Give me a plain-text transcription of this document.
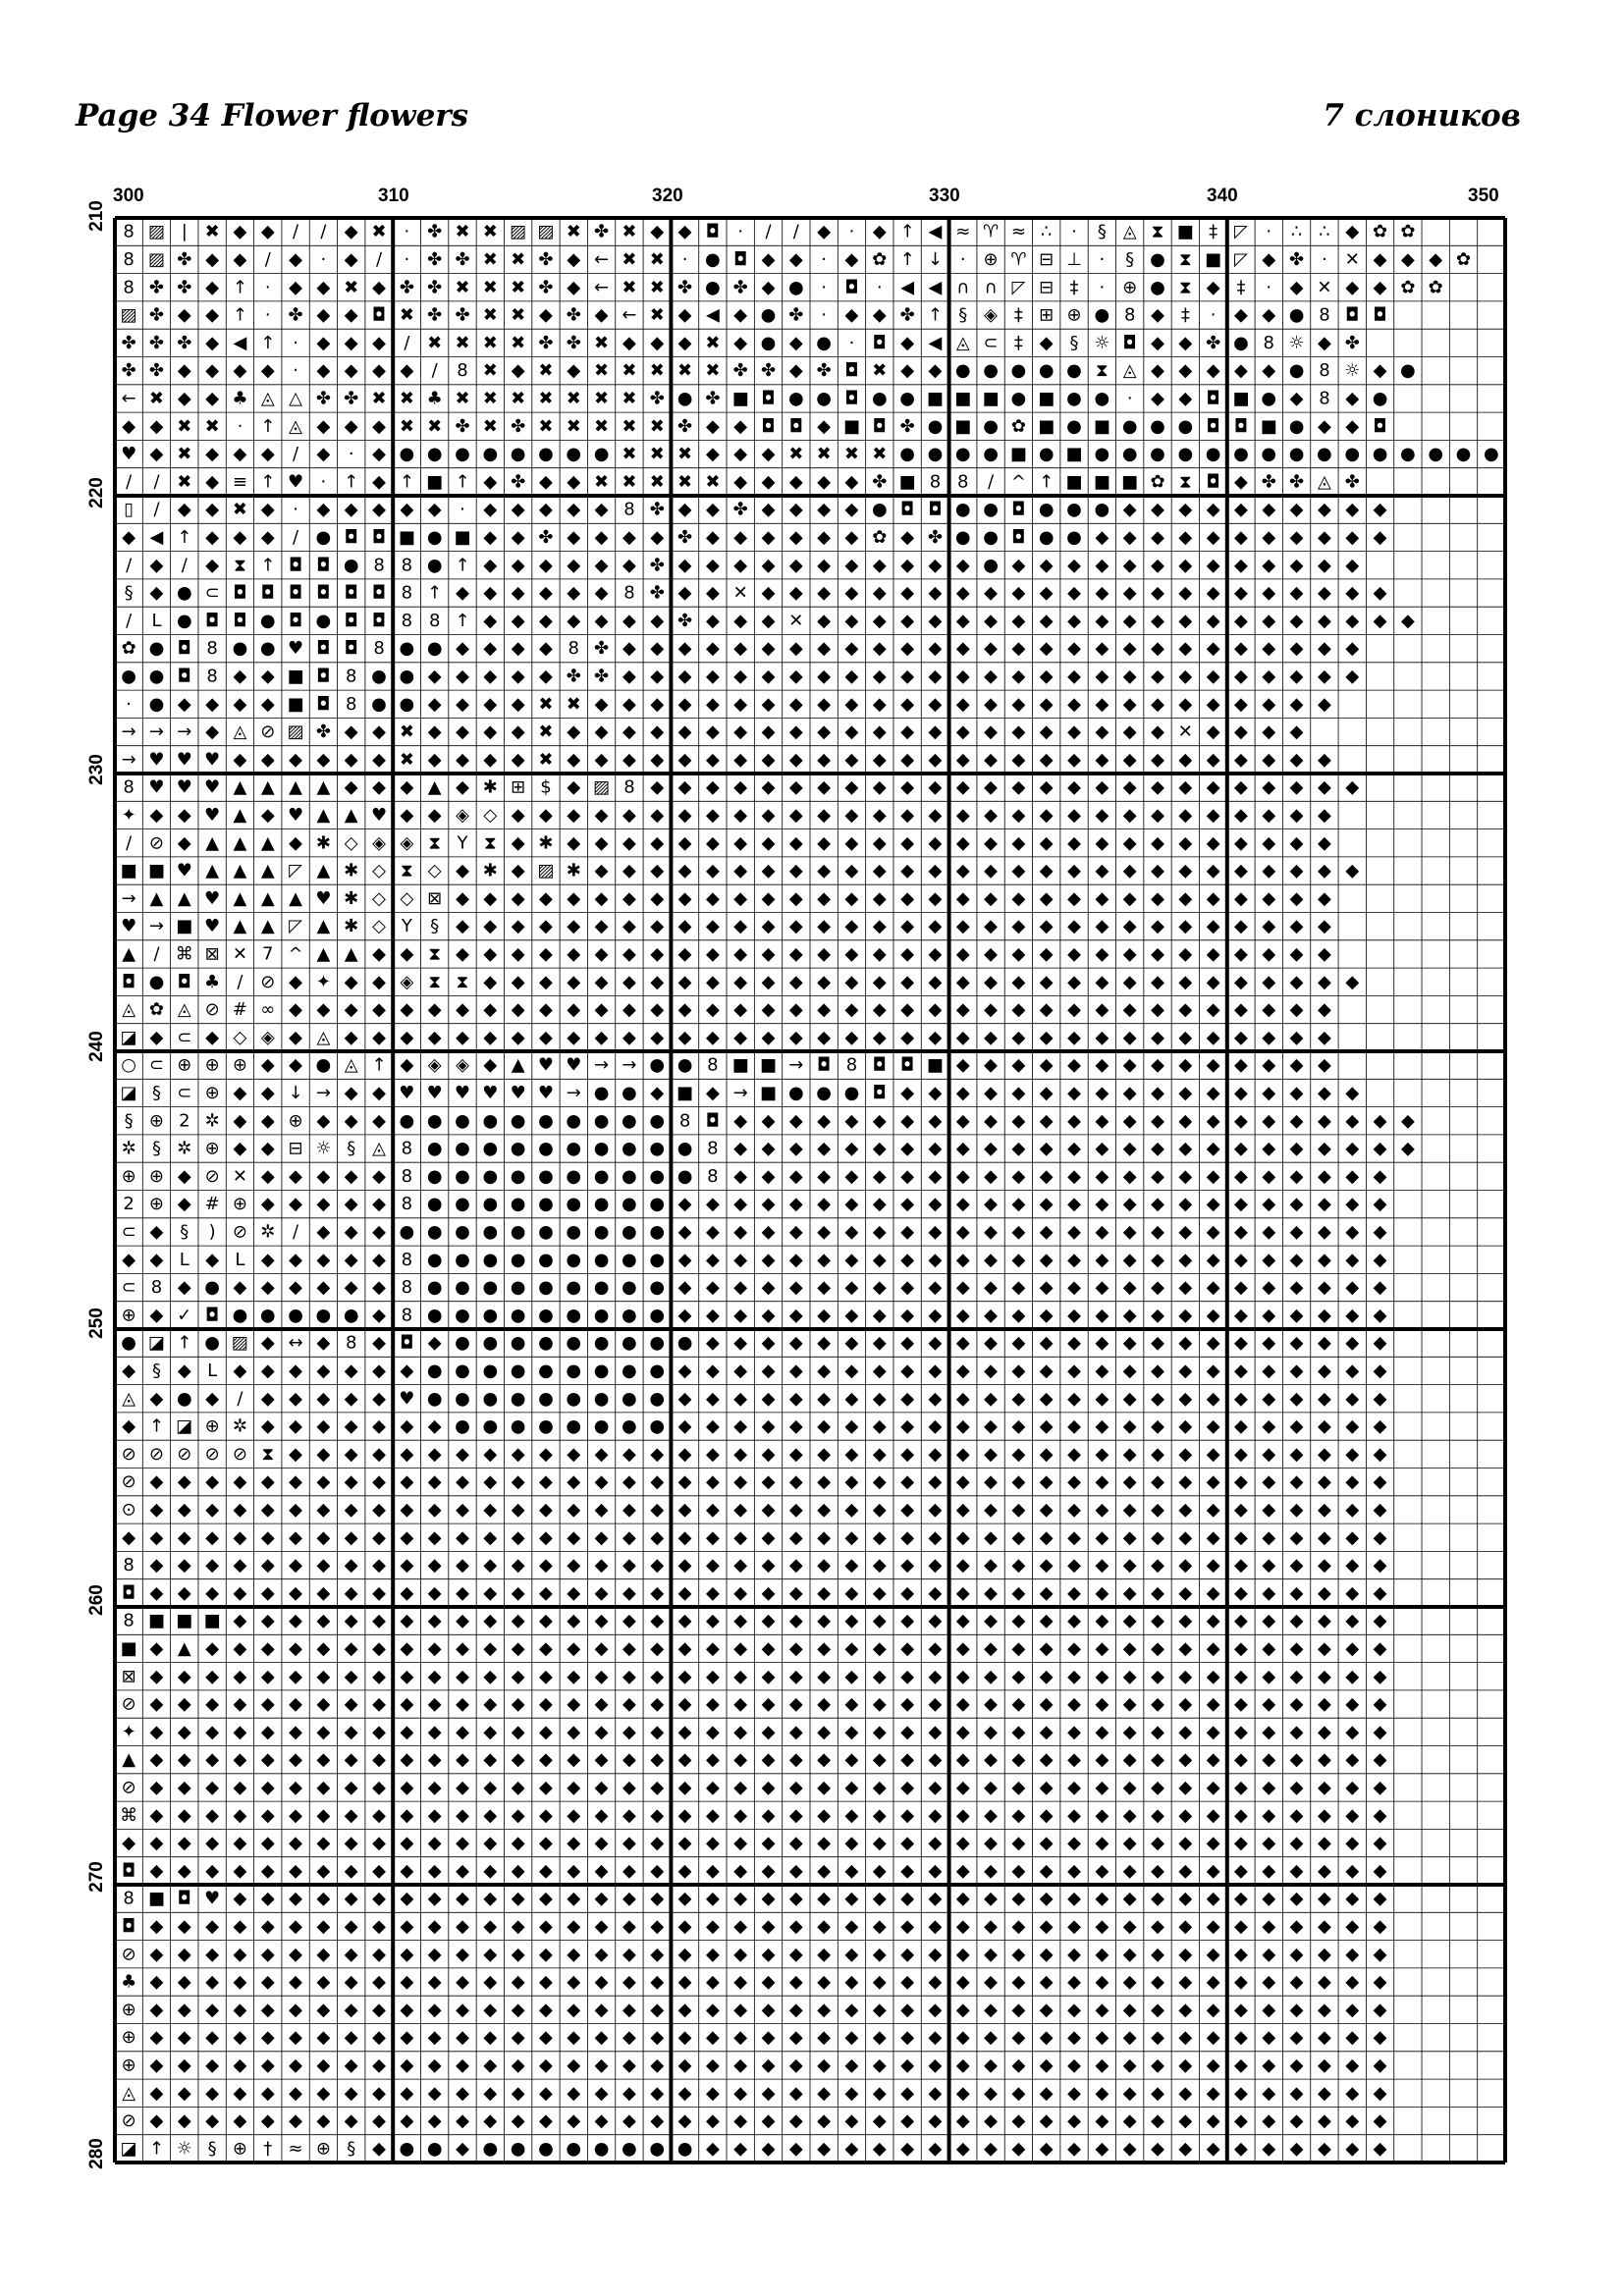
Page 34 Flower flowers	7 слоников
300	310	320	330	340	350
210
220
230
240
250
260
270
280
8 ▨ | ✖ ◆ ◆ / / ◆ ✖ · ✤ ✖ ✖ ▨ ▨ ✖ ✤ ✖ ◆ ◆ ◘ · / / ◆ · ◆ ↑ ◀ ≈ ♈ ≈ ∴ · § ◬ ⧗ ■ ‡ ◸ · ∴ ∴ ◆ ✿ ✿
8 ▨ ✤ ◆ ◆ / ◆ · ◆ / · ✤ ✤ ✖ ✖ ✤ ◆ ← ✖ ✖ · ● ◘ ◆ ◆ · ◆ ✿ ↑ ↓ · ⊕ ♈ ⊟ ⊥ · § ● ⧗ ■ ◸ ◆ ✤ · ✕ ◆ ◆ ◆ ✿
8 ✤ ✤ ◆ ↑ · ◆ ◆ ✖ ◆ ✤ ✤ ✖ ✖ ✖ ✤ ◆ ← ✖ ✖ ✤ ● ✤ ◆ ● · ◘ · ◀ ◀ ∩ ∩ ◸ ⊟ ‡ · ⊕ ● ⧗ ◆ ‡ · ◆ ✕ ◆ ◆ ✿ ✿
▨ ✤ ◆ ◆ ↑ · ✤ ◆ ◆ ◘ ✖ ✤ ✤ ✖ ✖ ◆ ✤ ◆ ← ✖ ◆ ◀ ◆ ● ✤ · ◆ ◆ ✤ ↑ § ◈ ‡ ⊞ ⊕ ● 8 ◆ ‡ · ◆ ◆ ● 8 ◘ ◘
✤ ✤ ✤ ◆ ◀ ↑ · ◆ ◆ ◆ / ✖ ✖ ✖ ✖ ✤ ✤ ✖ ◆ ◆ ◆ ✖ ◆ ● ◆ ● · ◘ ◆ ◀ ◬ ⊂ ‡ ◆ § ☼ ◘ ◆ ◆ ✤ ● 8 ☼ ◆ ✤
✤ ✤ ◆ ◆ ◆ ◆ · ◆ ◆ ◆ ◆ / 8 ✖ ◆ ✖ ◆ ✖ ✖ ✖ ✖ ✖ ✤ ✤ ◆ ✤ ◘ ✖ ◆ ◆ ● ● ● ● ● ⧗ ◬ ◆ ◆ ◆ ◆ ◆ ● 8 ☼ ◆ ●
← ✖ ◆ ◆ ♣ ◬ △ ✤ ✤ ✖ ✖ ♣ ✖ ✖ ✖ ✖ ✖ ✖ ✖ ✤ ● ✤ ■ ◘ ● ● ◘ ● ● ■ ■ ■ ● ■ ● ● · ◆ ◆ ◘ ■ ● ◆ 8 ◆ ●
◆ ◆ ✖ ✖ · ↑ ◬ ◆ ◆ ◆ ✖ ✖ ✤ ✖ ✤ ✖ ✖ ✖ ✖ ✖ ✤ ◆ ◆ ◘ ◘ ◆ ■ ◘ ✤ ● ■ ● ✿ ■ ● ■ ● ● ● ◘ ◘ ■ ● ◆ ◆ ◘
♥ ◆ ✖ ◆ ◆ ◆ / ◆ · ◆ ● ● ● ● ● ● ● ● ✖ ✖ ✖ ◆ ◆ ◆ ✖ ✖ ✖ ✖ ● ● ● ● ■ ● ■ ● ● ● ● ● ● ● ● ● ● ● ● ● ● ●
/ / ✖ ◆ ≡ ↑ ♥ · ↑ ◆ ↑ ■ ↑ ◆ ✤ ◆ ◆ ✖ ✖ ✖ ✖ ✖ ◆ ◆ ◆ ◆ ◆ ✤ ■ 8 8 / ^ ↑ ■ ■ ■ ✿ ⧗ ◘ ◆ ✤ ✤ ◬ ✤
▯ / ◆ ◆ ✖ ◆ · ◆ ◆ ◆ ◆ ◆ · ◆ ◆ ◆ ◆ ◆ 8 ✤ ◆ ◆ ✤ ◆ ◆ ◆ ◆ ● ◘ ◘ ● ● ◘ ● ● ● ◆ ◆ ◆ ◆ ◆ ◆ ◆ ◆ ◆ ◆
◆ ◀ ↑ ◆ ◆ ◆ / ● ◘ ◘ ■ ● ■ ◆ ◆ ✤ ◆ ◆ ◆ ◆ ✤ ◆ ◆ ◆ ◆ ◆ ◆ ✿ ◆ ✤ ● ● ◘ ● ● ◆ ◆ ◆ ◆ ◆ ◆ ◆ ◆ ◆ ◆ ◆
/ ◆ / ◆ ⧗ ↑ ◘ ◘ ● 8 8 ● ↑ ◆ ◆ ◆ ◆ ◆ ◆ ✤ ◆ ◆ ◆ ◆ ◆ ◆ ◆ ◆ ◆ ◆ ◆ ● ◆ ◆ ◆ ◆ ◆ ◆ ◆ ◆ ◆ ◆ ◆ ◆ ◆
§ ◆ ● ⊂ ◘ ◘ ◘ ◘ ◘ ◘ 8 ↑ ◆ ◆ ◆ ◆ ◆ ◆ 8 ✤ ◆ ◆ ✕ ◆ ◆ ◆ ◆ ◆ ◆ ◆ ◆ ◆ ◆ ◆ ◆ ◆ ◆ ◆ ◆ ◆ ◆ ◆ ◆ ◆ ◆ ◆
/ L ● ◘ ◘ ● ◘ ● ◘ ◘ 8 8 ↑ ◆ ◆ ◆ ◆ ◆ ◆ ◆ ✤ ◆ ◆ ◆ ✕ ◆ ◆ ◆ ◆ ◆ ◆ ◆ ◆ ◆ ◆ ◆ ◆ ◆ ◆ ◆ ◆ ◆ ◆ ◆ ◆ ◆ ◆
✿ ● ◘ 8 ● ● ♥ ◘ ◘ 8 ● ● ◆ ◆ ◆ ◆ 8 ✤ ◆ ◆ ◆ ◆ ◆ ◆ ◆ ◆ ◆ ◆ ◆ ◆ ◆ ◆ ◆ ◆ ◆ ◆ ◆ ◆ ◆ ◆ ◆ ◆ ◆ ◆ ◆
● ● ◘ 8 ◆ ◆ ■ ◘ 8 ● ● ◆ ◆ ◆ ◆ ◆ ✤ ✤ ◆ ◆ ◆ ◆ ◆ ◆ ◆ ◆ ◆ ◆ ◆ ◆ ◆ ◆ ◆ ◆ ◆ ◆ ◆ ◆ ◆ ◆ ◆ ◆ ◆ ◆ ◆
· ● ◆ ◆ ◆ ◆ ■ ◘ 8 ● ● ◆ ◆ ◆ ◆ ✖ ✖ ◆ ◆ ◆ ◆ ◆ ◆ ◆ ◆ ◆ ◆ ◆ ◆ ◆ ◆ ◆ ◆ ◆ ◆ ◆ ◆ ◆ ◆ ◆ ◆ ◆ ◆ ◆
→ → → ◆ ◬ ⊘ ▨ ✤ ◆ ◆ ✖ ◆ ◆ ◆ ◆ ✖ ◆ ◆ ◆ ◆ ◆ ◆ ◆ ◆ ◆ ◆ ◆ ◆ ◆ ◆ ◆ ◆ ◆ ◆ ◆ ◆ ◆ ◆ ✕ ◆ ◆ ◆ ◆
→ ♥ ♥ ♥ ◆ ◆ ◆ ◆ ◆ ◆ ✖ ◆ ◆ ◆ ◆ ✖ ◆ ◆ ◆ ◆ ◆ ◆ ◆ ◆ ◆ ◆ ◆ ◆ ◆ ◆ ◆ ◆ ◆ ◆ ◆ ◆ ◆ ◆ ◆ ◆ ◆ ◆ ◆ ◆
8 ♥ ♥ ♥ ▲ ▲ ▲ ▲ ◆ ◆ ◆ ▲ ◆ ✱ ⊞ $ ◆ ▨ 8 ◆ ◆ ◆ ◆ ◆ ◆ ◆ ◆ ◆ ◆ ◆ ◆ ◆ ◆ ◆ ◆ ◆ ◆ ◆ ◆ ◆ ◆ ◆ ◆ ◆ ◆
✦ ◆ ◆ ♥ ▲ ◆ ♥ ▲ ▲ ♥ ◆ ◆ ◈ ◇ ◆ ◆ ◆ ◆ ◆ ◆ ◆ ◆ ◆ ◆ ◆ ◆ ◆ ◆ ◆ ◆ ◆ ◆ ◆ ◆ ◆ ◆ ◆ ◆ ◆ ◆ ◆ ◆ ◆ ◆
/ ⊘ ◆ ▲ ▲ ▲ ◆ ✱ ◇ ◈ ◈ ⧗ Y ⧗ ◆ ✱ ◆ ◆ ◆ ◆ ◆ ◆ ◆ ◆ ◆ ◆ ◆ ◆ ◆ ◆ ◆ ◆ ◆ ◆ ◆ ◆ ◆ ◆ ◆ ◆ ◆ ◆ ◆ ◆
■ ■ ♥ ▲ ▲ ▲ ◸ ▲ ✱ ◇ ⧗ ◇ ◆ ✱ ◆ ▨ ✱ ◆ ◆ ◆ ◆ ◆ ◆ ◆ ◆ ◆ ◆ ◆ ◆ ◆ ◆ ◆ ◆ ◆ ◆ ◆ ◆ ◆ ◆ ◆ ◆ ◆ ◆ ◆ ◆
→ ▲ ▲ ♥ ▲ ▲ ▲ ♥ ✱ ◇ ◇ ⊠ ◆ ◆ ◆ ◆ ◆ ◆ ◆ ◆ ◆ ◆ ◆ ◆ ◆ ◆ ◆ ◆ ◆ ◆ ◆ ◆ ◆ ◆ ◆ ◆ ◆ ◆ ◆ ◆ ◆ ◆ ◆ ◆
♥ → ■ ♥ ▲ ▲ ◸ ▲ ✱ ◇ Y § ◆ ◆ ◆ ◆ ◆ ◆ ◆ ◆ ◆ ◆ ◆ ◆ ◆ ◆ ◆ ◆ ◆ ◆ ◆ ◆ ◆ ◆ ◆ ◆ ◆ ◆ ◆ ◆ ◆ ◆ ◆ ◆
▲ / ⌘ ⊠ ✕ 7 ^ ▲ ▲ ◆ ◆ ⧗ ◆ ◆ ◆ ◆ ◆ ◆ ◆ ◆ ◆ ◆ ◆ ◆ ◆ ◆ ◆ ◆ ◆ ◆ ◆ ◆ ◆ ◆ ◆ ◆ ◆ ◆ ◆ ◆ ◆ ◆ ◆ ◆
◘ ● ◘ ♣ / ⊘ ◆ ✦ ◆ ◆ ◈ ⧗ ⧗ ◆ ◆ ◆ ◆ ◆ ◆ ◆ ◆ ◆ ◆ ◆ ◆ ◆ ◆ ◆ ◆ ◆ ◆ ◆ ◆ ◆ ◆ ◆ ◆ ◆ ◆ ◆ ◆ ◆ ◆ ◆ ◆
◬ ✿ ◬ ⊘ # ∞ ◆ ◆ ◆ ◆ ◆ ◆ ◆ ◆ ◆ ◆ ◆ ◆ ◆ ◆ ◆ ◆ ◆ ◆ ◆ ◆ ◆ ◆ ◆ ◆ ◆ ◆ ◆ ◆ ◆ ◆ ◆ ◆ ◆ ◆ ◆ ◆ ◆ ◆
◪ ◆ ⊂ ◆ ◇ ◈ ◆ ◬ ◆ ◆ ◆ ◆ ◆ ◆ ◆ ◆ ◆ ◆ ◆ ◆ ◆ ◆ ◆ ◆ ◆ ◆ ◆ ◆ ◆ ◆ ◆ ◆ ◆ ◆ ◆ ◆ ◆ ◆ ◆ ◆ ◆ ◆ ◆ ◆
○ ⊂ ⊕ ⊕ ⊕ ◆ ◆ ● ◬ ↑ ◆ ◈ ◈ ◆ ▲ ♥ ♥ → → ● ● 8 ■ ■ → ◘ 8 ◘ ◘ ■ ◆ ◆ ◆ ◆ ◆ ◆ ◆ ◆ ◆ ◆ ◆ ◆ ◆ ◆
◪ § ⊂ ⊕ ◆ ◆ ↓ → ◆ ◆ ♥ ♥ ♥ ♥ ♥ ♥ → ● ● ◆ ■ ◆ → ■ ● ● ● ◘ ◆ ◆ ◆ ◆ ◆ ◆ ◆ ◆ ◆ ◆ ◆ ◆ ◆ ◆ ◆ ◆ ◆
§ ⊕ 2 ✲ ◆ ◆ ⊕ ◆ ◆ ◆ ● ● ● ● ● ● ● ● ● ● 8 ◘ ◆ ◆ ◆ ◆ ◆ ◆ ◆ ◆ ◆ ◆ ◆ ◆ ◆ ◆ ◆ ◆ ◆ ◆ ◆ ◆ ◆ ◆ ◆ ◆ ◆
✲ § ✲ ⊕ ◆ ◆ ⊟ ☼ § ◬ 8 ● ● ● ● ● ● ● ● ● ● 8 ◆ ◆ ◆ ◆ ◆ ◆ ◆ ◆ ◆ ◆ ◆ ◆ ◆ ◆ ◆ ◆ ◆ ◆ ◆ ◆ ◆ ◆ ◆ ◆ ◆
⊕ ⊕ ◆ ⊘ ✕ ◆ ◆ ◆ ◆ ◆ 8 ● ● ● ● ● ● ● ● ● ● 8 ◆ ◆ ◆ ◆ ◆ ◆ ◆ ◆ ◆ ◆ ◆ ◆ ◆ ◆ ◆ ◆ ◆ ◆ ◆ ◆ ◆ ◆ ◆ ◆
2 ⊕ ◆ # ⊕ ◆ ◆ ◆ ◆ ◆ 8 ● ● ● ● ● ● ● ● ● ◆ ◆ ◆ ◆ ◆ ◆ ◆ ◆ ◆ ◆ ◆ ◆ ◆ ◆ ◆ ◆ ◆ ◆ ◆ ◆ ◆ ◆ ◆ ◆ ◆ ◆
⊂ ◆ § ) ⊘ ✲ / ◆ ◆ ◆ ● ● ● ● ● ● ● ● ● ● ◆ ◆ ◆ ◆ ◆ ◆ ◆ ◆ ◆ ◆ ◆ ◆ ◆ ◆ ◆ ◆ ◆ ◆ ◆ ◆ ◆ ◆ ◆ ◆ ◆ ◆
◆ ◆ L ◆ L ◆ ◆ ◆ ◆ ◆ 8 ● ● ● ● ● ● ● ● ● ◆ ◆ ◆ ◆ ◆ ◆ ◆ ◆ ◆ ◆ ◆ ◆ ◆ ◆ ◆ ◆ ◆ ◆ ◆ ◆ ◆ ◆ ◆ ◆ ◆ ◆
⊂ 8 ◆ ● ◆ ◆ ◆ ◆ ◆ ◆ 8 ● ● ● ● ● ● ● ● ● ◆ ◆ ◆ ◆ ◆ ◆ ◆ ◆ ◆ ◆ ◆ ◆ ◆ ◆ ◆ ◆ ◆ ◆ ◆ ◆ ◆ ◆ ◆ ◆ ◆ ◆
⊕ ◆ ✓ ◘ ● ● ● ● ● ◆ 8 ● ● ● ● ● ● ● ● ● ◆ ◆ ◆ ◆ ◆ ◆ ◆ ◆ ◆ ◆ ◆ ◆ ◆ ◆ ◆ ◆ ◆ ◆ ◆ ◆ ◆ ◆ ◆ ◆ ◆ ◆
● ◪ ↑ ● ▨ ◆ ↔ ◆ 8 ◆ ◘ ◆ ● ● ● ● ● ● ● ● ● ◆ ◆ ◆ ◆ ◆ ◆ ◆ ◆ ◆ ◆ ◆ ◆ ◆ ◆ ◆ ◆ ◆ ◆ ◆ ◆ ◆ ◆ ◆ ◆ ◆
◆ § ◆ L ◆ ◆ ◆ ◆ ◆ ◆ ◆ ● ● ● ● ● ● ● ● ● ◆ ◆ ◆ ◆ ◆ ◆ ◆ ◆ ◆ ◆ ◆ ◆ ◆ ◆ ◆ ◆ ◆ ◆ ◆ ◆ ◆ ◆ ◆ ◆ ◆ ◆
◬ ◆ ● ◆ / ◆ ◆ ◆ ◆ ◆ ♥ ● ● ● ● ● ● ● ● ● ◆ ◆ ◆ ◆ ◆ ◆ ◆ ◆ ◆ ◆ ◆ ◆ ◆ ◆ ◆ ◆ ◆ ◆ ◆ ◆ ◆ ◆ ◆ ◆ ◆ ◆
◆ ↑ ◪ ⊕ ✲ ◆ ◆ ◆ ◆ ◆ ◆ ◆ ● ● ● ● ● ● ● ● ◆ ◆ ◆ ◆ ◆ ◆ ◆ ◆ ◆ ◆ ◆ ◆ ◆ ◆ ◆ ◆ ◆ ◆ ◆ ◆ ◆ ◆ ◆ ◆ ◆ ◆
⊘ ⊘ ⊘ ⊘ ⊘ ⧗ ◆ ◆ ◆ ◆ ◆ ◆ ◆ ◆ ◆ ◆ ◆ ◆ ◆ ◆ ◆ ◆ ◆ ◆ ◆ ◆ ◆ ◆ ◆ ◆ ◆ ◆ ◆ ◆ ◆ ◆ ◆ ◆ ◆ ◆ ◆ ◆ ◆ ◆ ◆ ◆
⊘ ◆ ◆ ◆ ◆ ◆ ◆ ◆ ◆ ◆ ◆ ◆ ◆ ◆ ◆ ◆ ◆ ◆ ◆ ◆ ◆ ◆ ◆ ◆ ◆ ◆ ◆ ◆ ◆ ◆ ◆ ◆ ◆ ◆ ◆ ◆ ◆ ◆ ◆ ◆ ◆ ◆ ◆ ◆ ◆ ◆
⊙ ◆ ◆ ◆ ◆ ◆ ◆ ◆ ◆ ◆ ◆ ◆ ◆ ◆ ◆ ◆ ◆ ◆ ◆ ◆ ◆ ◆ ◆ ◆ ◆ ◆ ◆ ◆ ◆ ◆ ◆ ◆ ◆ ◆ ◆ ◆ ◆ ◆ ◆ ◆ ◆ ◆ ◆ ◆ ◆ ◆
◆ ◆ ◆ ◆ ◆ ◆ ◆ ◆ ◆ ◆ ◆ ◆ ◆ ◆ ◆ ◆ ◆ ◆ ◆ ◆ ◆ ◆ ◆ ◆ ◆ ◆ ◆ ◆ ◆ ◆ ◆ ◆ ◆ ◆ ◆ ◆ ◆ ◆ ◆ ◆ ◆ ◆ ◆ ◆ ◆ ◆
8 ◆ ◆ ◆ ◆ ◆ ◆ ◆ ◆ ◆ ◆ ◆ ◆ ◆ ◆ ◆ ◆ ◆ ◆ ◆ ◆ ◆ ◆ ◆ ◆ ◆ ◆ ◆ ◆ ◆ ◆ ◆ ◆ ◆ ◆ ◆ ◆ ◆ ◆ ◆ ◆ ◆ ◆ ◆ ◆ ◆
◘ ◆ ◆ ◆ ◆ ◆ ◆ ◆ ◆ ◆ ◆ ◆ ◆ ◆ ◆ ◆ ◆ ◆ ◆ ◆ ◆ ◆ ◆ ◆ ◆ ◆ ◆ ◆ ◆ ◆ ◆ ◆ ◆ ◆ ◆ ◆ ◆ ◆ ◆ ◆ ◆ ◆ ◆ ◆ ◆ ◆
8 ■ ■ ■ ◆ ◆ ◆ ◆ ◆ ◆ ◆ ◆ ◆ ◆ ◆ ◆ ◆ ◆ ◆ ◆ ◆ ◆ ◆ ◆ ◆ ◆ ◆ ◆ ◆ ◆ ◆ ◆ ◆ ◆ ◆ ◆ ◆ ◆ ◆ ◆ ◆ ◆ ◆ ◆ ◆ ◆
■ ◆ ▲ ◆ ◆ ◆ ◆ ◆ ◆ ◆ ◆ ◆ ◆ ◆ ◆ ◆ ◆ ◆ ◆ ◆ ◆ ◆ ◆ ◆ ◆ ◆ ◆ ◆ ◆ ◆ ◆ ◆ ◆ ◆ ◆ ◆ ◆ ◆ ◆ ◆ ◆ ◆ ◆ ◆ ◆ ◆
⊠ ◆ ◆ ◆ ◆ ◆ ◆ ◆ ◆ ◆ ◆ ◆ ◆ ◆ ◆ ◆ ◆ ◆ ◆ ◆ ◆ ◆ ◆ ◆ ◆ ◆ ◆ ◆ ◆ ◆ ◆ ◆ ◆ ◆ ◆ ◆ ◆ ◆ ◆ ◆ ◆ ◆ ◆ ◆ ◆ ◆
⊘ ◆ ◆ ◆ ◆ ◆ ◆ ◆ ◆ ◆ ◆ ◆ ◆ ◆ ◆ ◆ ◆ ◆ ◆ ◆ ◆ ◆ ◆ ◆ ◆ ◆ ◆ ◆ ◆ ◆ ◆ ◆ ◆ ◆ ◆ ◆ ◆ ◆ ◆ ◆ ◆ ◆ ◆ ◆ ◆ ◆
✦ ◆ ◆ ◆ ◆ ◆ ◆ ◆ ◆ ◆ ◆ ◆ ◆ ◆ ◆ ◆ ◆ ◆ ◆ ◆ ◆ ◆ ◆ ◆ ◆ ◆ ◆ ◆ ◆ ◆ ◆ ◆ ◆ ◆ ◆ ◆ ◆ ◆ ◆ ◆ ◆ ◆ ◆ ◆ ◆ ◆
▲ ◆ ◆ ◆ ◆ ◆ ◆ ◆ ◆ ◆ ◆ ◆ ◆ ◆ ◆ ◆ ◆ ◆ ◆ ◆ ◆ ◆ ◆ ◆ ◆ ◆ ◆ ◆ ◆ ◆ ◆ ◆ ◆ ◆ ◆ ◆ ◆ ◆ ◆ ◆ ◆ ◆ ◆ ◆ ◆ ◆
⊘ ◆ ◆ ◆ ◆ ◆ ◆ ◆ ◆ ◆ ◆ ◆ ◆ ◆ ◆ ◆ ◆ ◆ ◆ ◆ ◆ ◆ ◆ ◆ ◆ ◆ ◆ ◆ ◆ ◆ ◆ ◆ ◆ ◆ ◆ ◆ ◆ ◆ ◆ ◆ ◆ ◆ ◆ ◆ ◆ ◆
⌘ ◆ ◆ ◆ ◆ ◆ ◆ ◆ ◆ ◆ ◆ ◆ ◆ ◆ ◆ ◆ ◆ ◆ ◆ ◆ ◆ ◆ ◆ ◆ ◆ ◆ ◆ ◆ ◆ ◆ ◆ ◆ ◆ ◆ ◆ ◆ ◆ ◆ ◆ ◆ ◆ ◆ ◆ ◆ ◆ ◆
◆ ◆ ◆ ◆ ◆ ◆ ◆ ◆ ◆ ◆ ◆ ◆ ◆ ◆ ◆ ◆ ◆ ◆ ◆ ◆ ◆ ◆ ◆ ◆ ◆ ◆ ◆ ◆ ◆ ◆ ◆ ◆ ◆ ◆ ◆ ◆ ◆ ◆ ◆ ◆ ◆ ◆ ◆ ◆ ◆ ◆
◘ ◆ ◆ ◆ ◆ ◆ ◆ ◆ ◆ ◆ ◆ ◆ ◆ ◆ ◆ ◆ ◆ ◆ ◆ ◆ ◆ ◆ ◆ ◆ ◆ ◆ ◆ ◆ ◆ ◆ ◆ ◆ ◆ ◆ ◆ ◆ ◆ ◆ ◆ ◆ ◆ ◆ ◆ ◆ ◆ ◆
8 ■ ◘ ♥ ◆ ◆ ◆ ◆ ◆ ◆ ◆ ◆ ◆ ◆ ◆ ◆ ◆ ◆ ◆ ◆ ◆ ◆ ◆ ◆ ◆ ◆ ◆ ◆ ◆ ◆ ◆ ◆ ◆ ◆ ◆ ◆ ◆ ◆ ◆ ◆ ◆ ◆ ◆ ◆ ◆ ◆
◘ ◆ ◆ ◆ ◆ ◆ ◆ ◆ ◆ ◆ ◆ ◆ ◆ ◆ ◆ ◆ ◆ ◆ ◆ ◆ ◆ ◆ ◆ ◆ ◆ ◆ ◆ ◆ ◆ ◆ ◆ ◆ ◆ ◆ ◆ ◆ ◆ ◆ ◆ ◆ ◆ ◆ ◆ ◆ ◆ ◆
⊘ ◆ ◆ ◆ ◆ ◆ ◆ ◆ ◆ ◆ ◆ ◆ ◆ ◆ ◆ ◆ ◆ ◆ ◆ ◆ ◆ ◆ ◆ ◆ ◆ ◆ ◆ ◆ ◆ ◆ ◆ ◆ ◆ ◆ ◆ ◆ ◆ ◆ ◆ ◆ ◆ ◆ ◆ ◆ ◆ ◆
♣ ◆ ◆ ◆ ◆ ◆ ◆ ◆ ◆ ◆ ◆ ◆ ◆ ◆ ◆ ◆ ◆ ◆ ◆ ◆ ◆ ◆ ◆ ◆ ◆ ◆ ◆ ◆ ◆ ◆ ◆ ◆ ◆ ◆ ◆ ◆ ◆ ◆ ◆ ◆ ◆ ◆ ◆ ◆ ◆ ◆
⊕ ◆ ◆ ◆ ◆ ◆ ◆ ◆ ◆ ◆ ◆ ◆ ◆ ◆ ◆ ◆ ◆ ◆ ◆ ◆ ◆ ◆ ◆ ◆ ◆ ◆ ◆ ◆ ◆ ◆ ◆ ◆ ◆ ◆ ◆ ◆ ◆ ◆ ◆ ◆ ◆ ◆ ◆ ◆ ◆ ◆
⊕ ◆ ◆ ◆ ◆ ◆ ◆ ◆ ◆ ◆ ◆ ◆ ◆ ◆ ◆ ◆ ◆ ◆ ◆ ◆ ◆ ◆ ◆ ◆ ◆ ◆ ◆ ◆ ◆ ◆ ◆ ◆ ◆ ◆ ◆ ◆ ◆ ◆ ◆ ◆ ◆ ◆ ◆ ◆ ◆ ◆
⊕ ◆ ◆ ◆ ◆ ◆ ◆ ◆ ◆ ◆ ◆ ◆ ◆ ◆ ◆ ◆ ◆ ◆ ◆ ◆ ◆ ◆ ◆ ◆ ◆ ◆ ◆ ◆ ◆ ◆ ◆ ◆ ◆ ◆ ◆ ◆ ◆ ◆ ◆ ◆ ◆ ◆ ◆ ◆ ◆ ◆
◬ ◆ ◆ ◆ ◆ ◆ ◆ ◆ ◆ ◆ ◆ ◆ ◆ ◆ ◆ ◆ ◆ ◆ ◆ ◆ ◆ ◆ ◆ ◆ ◆ ◆ ◆ ◆ ◆ ◆ ◆ ◆ ◆ ◆ ◆ ◆ ◆ ◆ ◆ ◆ ◆ ◆ ◆ ◆ ◆ ◆
⊘ ◆ ◆ ◆ ◆ ◆ ◆ ◆ ◆ ◆ ◆ ◆ ◆ ◆ ◆ ◆ ◆ ◆ ◆ ◆ ◆ ◆ ◆ ◆ ◆ ◆ ◆ ◆ ◆ ◆ ◆ ◆ ◆ ◆ ◆ ◆ ◆ ◆ ◆ ◆ ◆ ◆ ◆ ◆ ◆ ◆
◪ ↑ ☼ § ⊕ † ≈ ⊕ § ◆ ● ● ◆ ● ● ● ● ● ● ● ● ◆ ◆ ◆ ◆ ◆ ◆ ◆ ◆ ◆ ◆ ◆ ◆ ◆ ◆ ◆ ◆ ◆ ◆ ◆ ◆ ◆ ◆ ◆ ◆ ◆
